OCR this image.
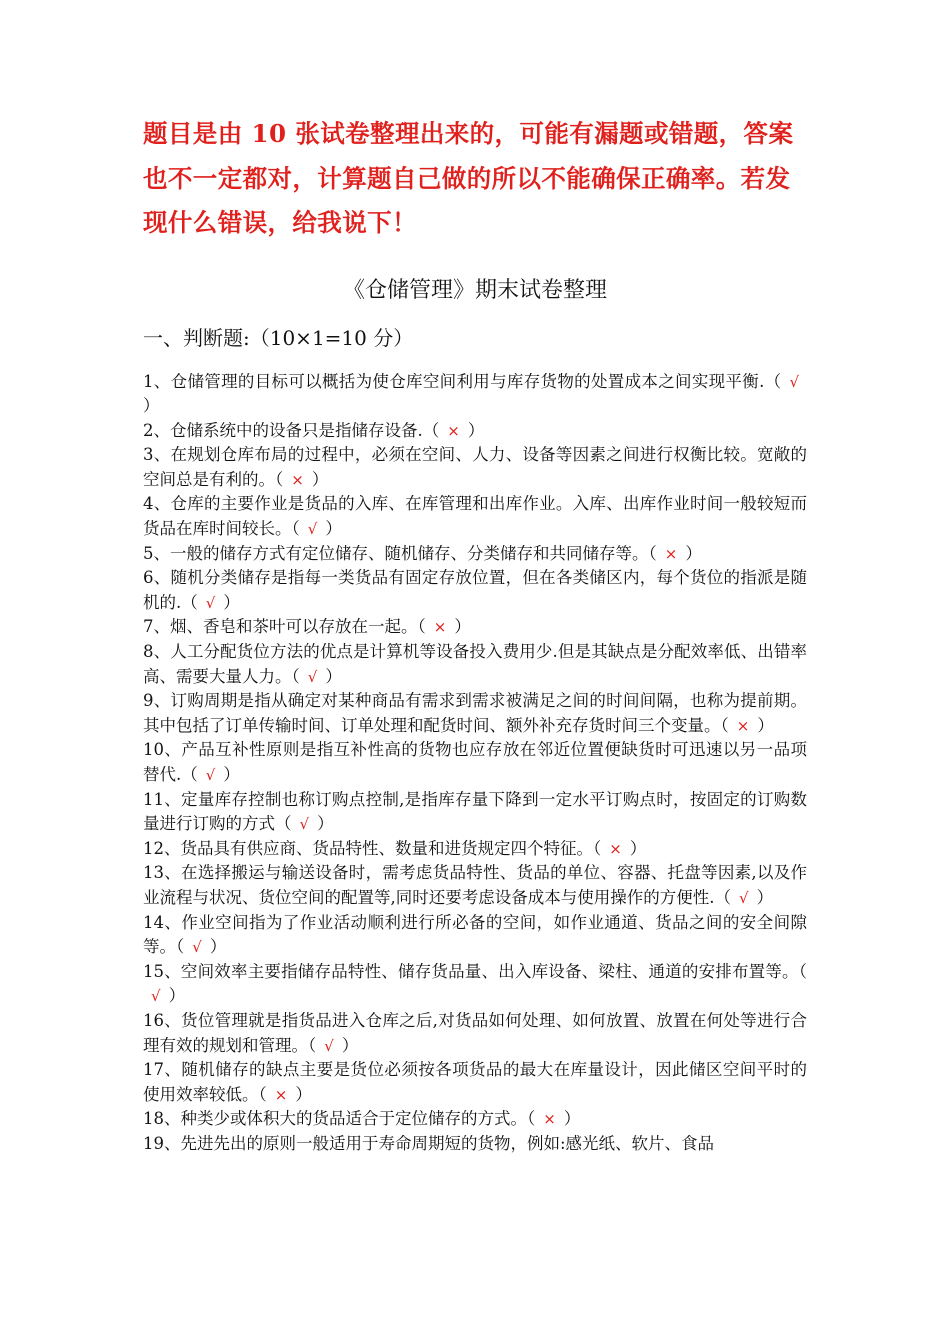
题目是由 10 张试卷整理出来的，可能有漏题或错题，答案也不一定都对，计算题自己做的所以不能确保正确率。若发现什么错误，给我说下！

《仓储管理》期末试卷整理
一、判断题:（10×1=10 分）
1、仓储管理的目标可以概括为使仓库空间利用与库存货物的处置成本之间实现平衡.（ √）
2、仓储系统中的设备只是指储存设备.（ × ）
3、在规划仓库布局的过程中，必须在空间、人力、设备等因素之间进行权衡比较。宽敞的空间总是有利的。（ × ）
4、仓库的主要作业是货品的入库、在库管理和出库作业。入库、出库作业时间一般较短而货品在库时间较长。（ √ ）
5、一般的储存方式有定位储存、随机储存、分类储存和共同储存等。（ × ）
6、随机分类储存是指每一类货品有固定存放位置，但在各类储区内，每个货位的指派是随机的.（ √ ）
7、烟、香皂和茶叶可以存放在一起。（ × ）
8、人工分配货位方法的优点是计算机等设备投入费用少.但是其缺点是分配效率低、出错率高、需要大量人力。（ √ ）
9、订购周期是指从确定对某种商品有需求到需求被满足之间的时间间隔，也称为提前期。其中包括了订单传输时间、订单处理和配货时间、额外补充存货时间三个变量。（ × ）
10、产品互补性原则是指互补性高的货物也应存放在邻近位置便缺货时可迅速以另一品项替代.（ √ ）
11、定量库存控制也称订购点控制,是指库存量下降到一定水平订购点时，按固定的订购数量进行订购的方式（ √ ）
12、货品具有供应商、货品特性、数量和进货规定四个特征。（ × ）
13、在选择搬运与输送设备时，需考虑货品特性、货品的单位、容器、托盘等因素,以及作业流程与状况、货位空间的配置等,同时还要考虑设备成本与使用操作的方便性.（ √ ）
14、作业空间指为了作业活动顺利进行所必备的空间，如作业通道、货品之间的安全间隙等。（ √ ）
15、空间效率主要指储存品特性、储存货品量、出入库设备、梁柱、通道的安排布置等。（√ ）
16、货位管理就是指货品进入仓库之后,对货品如何处理、如何放置、放置在何处等进行合理有效的规划和管理。（ √ ）
17、随机储存的缺点主要是货位必须按各项货品的最大在库量设计，因此储区空间平时的使用效率较低。（ × ）
18、种类少或体积大的货品适合于定位储存的方式。（ × ）
19、先进先出的原则一般适用于寿命周期短的货物，例如:感光纸、软片、食品
